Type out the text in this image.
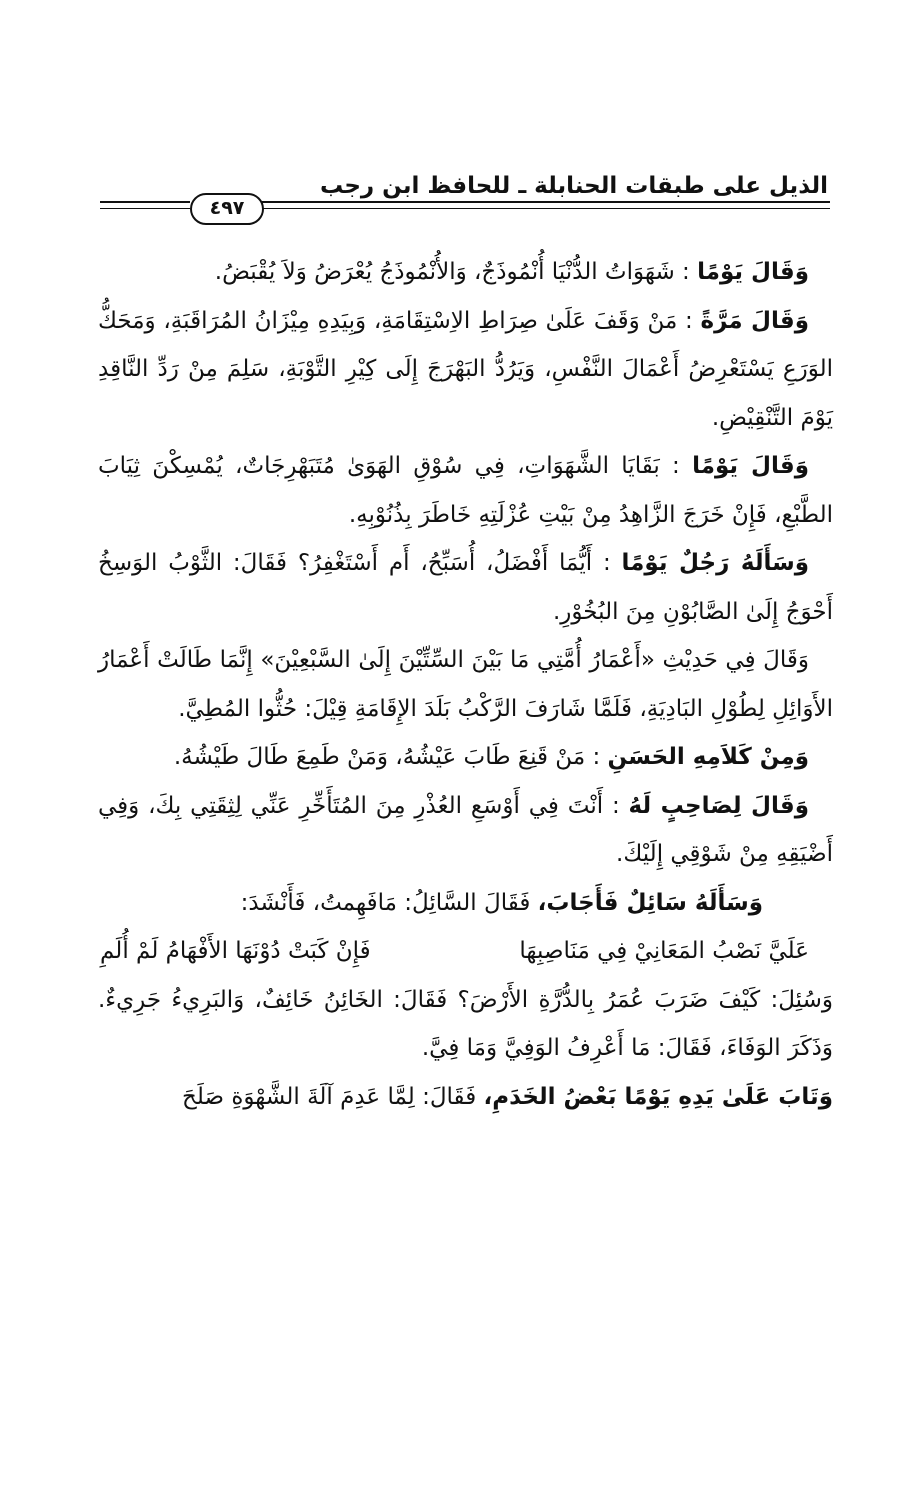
الذيل على طبقات الحنابلة ـ للحافظ ابن رجب
٤٩٧

وَقَالَ يَوْمًا : شَهَوَاتُ الدُّنْيَا أُنْمُوذَجٌ، وَالأُنْمُوذَجُ يُعْرَضُ وَلاَ يُقْبَضُ.

وَقَالَ مَرَّةً : مَنْ وَقَفَ عَلَىٰ صِرَاطِ الاِسْتِقَامَةِ، وَبِيَدِهِ مِيْزَانُ المُرَاقَبَةِ، وَمَحَكُّ الوَرَعِ يَسْتَعْرِضُ أَعْمَالَ النَّفْسِ، وَيَرُدُّ البَهْرَجَ إِلَى كِيْرِ التَّوْبَةِ، سَلِمَ مِنْ رَدِّ النَّاقِدِ يَوْمَ التَّنْقِيْضِ.

وَقَالَ يَوْمًا : بَقَايَا الشَّهَوَاتِ، فِي سُوْقِ الهَوَىٰ مُتَبَهْرِجَاتٌ، يُمْسِكْنَ ثِيَابَ الطَّبْعِ، فَإِنْ خَرَجَ الزَّاهِدُ مِنْ بَيْتِ عُزْلَتِهِ خَاطَرَ بِذُنُوْبِهِ.

وَسَأَلَهُ رَجُلٌ يَوْمًا : أَيُّمَا أَفْضَلُ، أُسَبِّحُ، أَم أَسْتَغْفِرُ؟ فَقَالَ: الثَّوْبُ الوَسِخُ أَحْوَجُ إِلَىٰ الصَّابُوْنِ مِنَ البُخُوْرِ.

وَقَالَ فِي حَدِيْثِ «أَعْمَارُ أُمَّتِي مَا بَيْنَ السِّتِّيْنَ إِلَىٰ السَّبْعِيْنَ» إِنَّمَا طَالَتْ أَعْمَارُ الأَوَائِلِ لِطُوْلِ البَادِيَةِ، فَلَمَّا شَارَفَ الرَّكْبُ بَلَدَ الإِقَامَةِ قِيْلَ: حُثُّوا المُطِيَّ.

وَمِنْ كَلاَمِهِ الحَسَنِ : مَنْ قَنِعَ طَابَ عَيْشُهُ، وَمَنْ طَمِعَ طَالَ طَيْشُهُ.

وَقَالَ لِصَاحِبٍ لَهُ : أَنْتَ فِي أَوْسَعِ العُذْرِ مِنَ المُتَأَخِّرِ عَنِّي لِثِقَتِي بِكَ، وَفِي أَضْيَقِهِ مِنْ شَوْقِي إِلَيْكَ.

وَسَأَلَهُ سَائِلٌ فَأَجَابَ، فَقَالَ السَّائِلُ: مَافَهِمتُ، فَأَنْشَدَ:

عَلَيَّ نَصْبُ المَعَانِيْ فِي مَنَاصِبِهَا
فَإِنْ كَبَتْ دُوْنَهَا الأَفْهَامُ لَمْ أُلَمِ

وَسُئِلَ: كَيْفَ ضَرَبَ عُمَرُ بِالدُّرَّةِ الأَرْضَ؟ فَقَالَ: الخَائِنُ خَائِفٌ، وَالبَرِيءُ جَرِيءٌ. وَذَكَرَ الوَفَاءَ، فَقَالَ: مَا أَعْرِفُ الوَفِيَّ وَمَا فِيَّ.

وَتَابَ عَلَىٰ يَدِهِ يَوْمًا بَعْضُ الخَدَمِ، فَقَالَ: لِمَّا عَدِمَ آلَةَ الشَّهْوَةِ صَلَحَ
